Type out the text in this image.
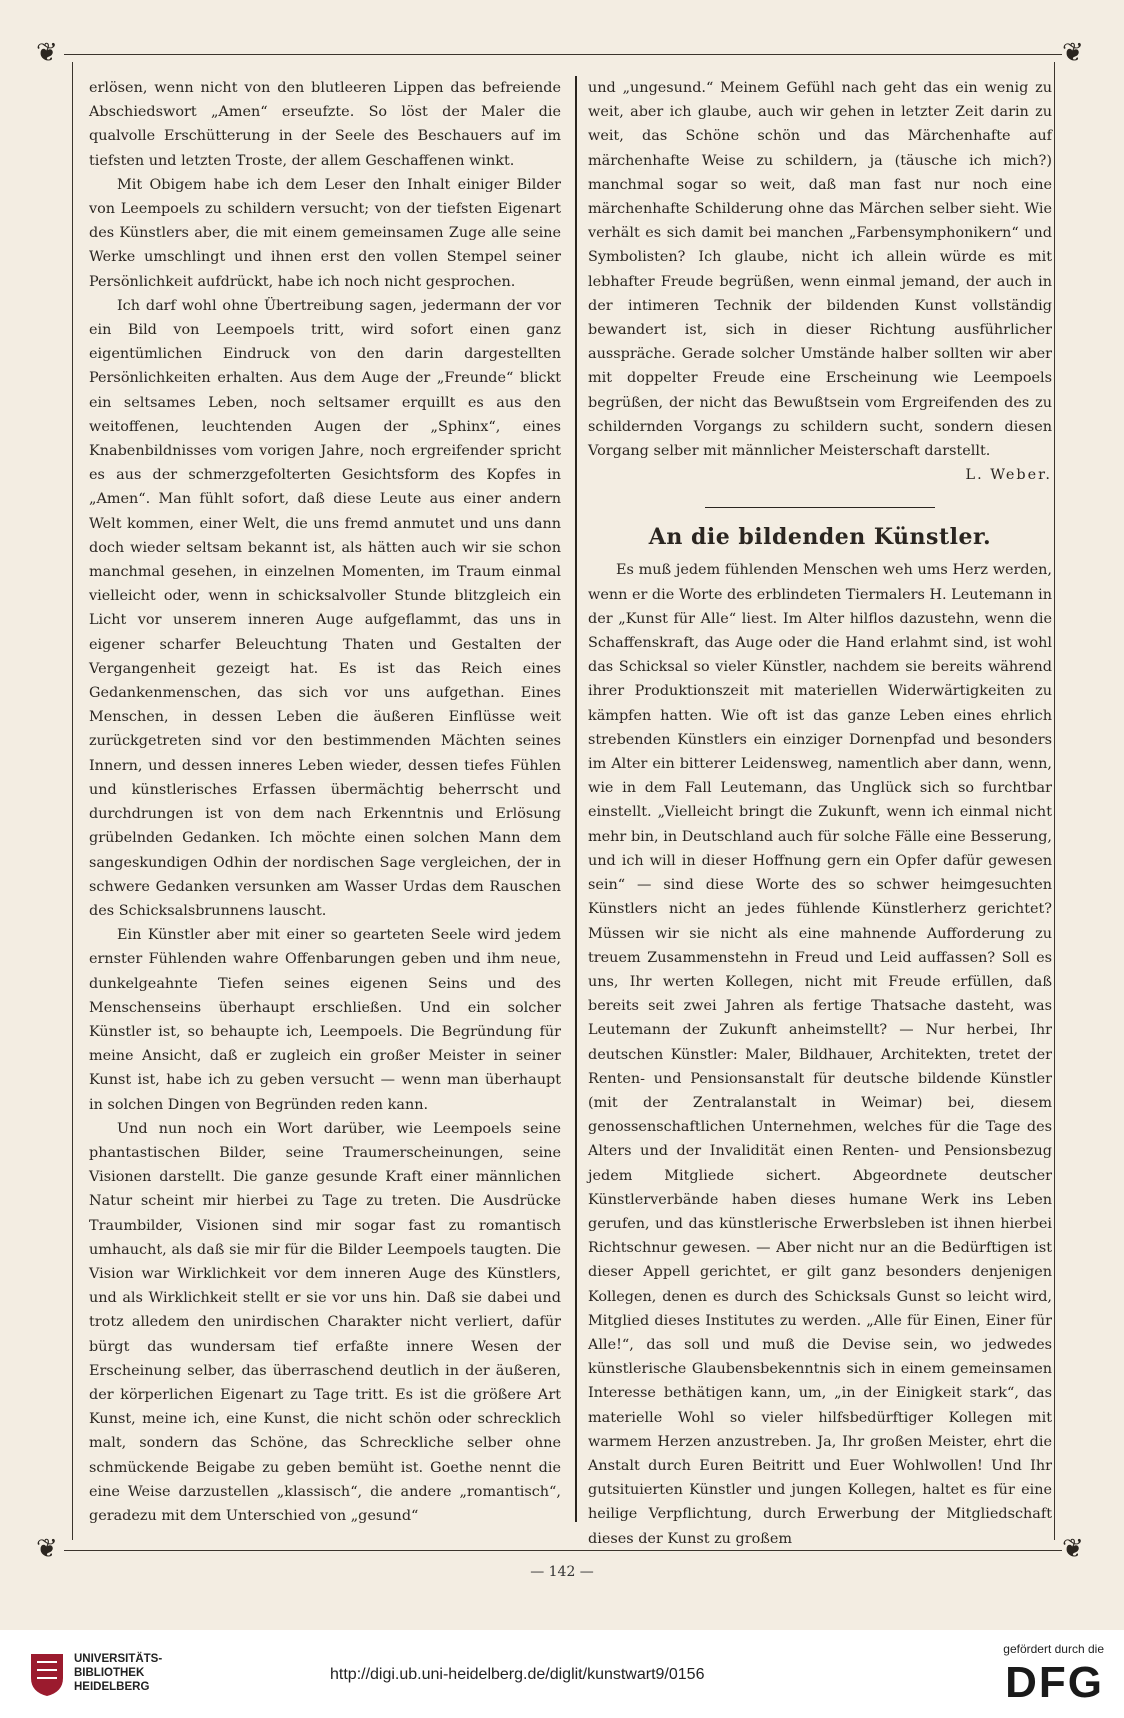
❦	❦
❦	❦

erlösen, wenn nicht von den blutleeren Lippen das befreiende Abschiedswort „Amen“ erseufzte. So löst der Maler die qualvolle Erschütterung in der Seele des Beschauers auf im tiefsten und letzten Troste, der allem Geschaffenen winkt.

Mit Obigem habe ich dem Leser den Inhalt einiger Bilder von Leempoels zu schildern versucht; von der tiefsten Eigenart des Künstlers aber, die mit einem gemeinsamen Zuge alle seine Werke umschlingt und ihnen erst den vollen Stempel seiner Persönlichkeit aufdrückt, habe ich noch nicht gesprochen.

Ich darf wohl ohne Übertreibung sagen, jedermann der vor ein Bild von Leempoels tritt, wird sofort einen ganz eigentümlichen Eindruck von den darin dargestellten Persönlichkeiten erhalten. Aus dem Auge der „Freunde“ blickt ein seltsames Leben, noch seltsamer erquillt es aus den weitoffenen, leuchtenden Augen der „Sphinx“, eines Knabenbildnisses vom vorigen Jahre, noch ergreifender spricht es aus der schmerzgefolterten Gesichtsform des Kopfes in „Amen“. Man fühlt sofort, daß diese Leute aus einer andern Welt kommen, einer Welt, die uns fremd anmutet und uns dann doch wieder seltsam bekannt ist, als hätten auch wir sie schon manchmal gesehen, in einzelnen Momenten, im Traum einmal vielleicht oder, wenn in schicksalvoller Stunde blitzgleich ein Licht vor unserem inneren Auge aufgeflammt, das uns in eigener scharfer Beleuchtung Thaten und Gestalten der Vergangenheit gezeigt hat. Es ist das Reich eines Gedankenmenschen, das sich vor uns aufgethan. Eines Menschen, in dessen Leben die äußeren Einflüsse weit zurückgetreten sind vor den bestimmenden Mächten seines Innern, und dessen inneres Leben wieder, dessen tiefes Fühlen und künstlerisches Erfassen übermächtig beherrscht und durchdrungen ist von dem nach Erkenntnis und Erlösung grübelnden Gedanken. Ich möchte einen solchen Mann dem sangeskundigen Odhin der nordischen Sage vergleichen, der in schwere Gedanken versunken am Wasser Urdas dem Rauschen des Schicksalsbrunnens lauscht.

Ein Künstler aber mit einer so gearteten Seele wird jedem ernster Fühlenden wahre Offenbarungen geben und ihm neue, dunkelgeahnte Tiefen seines eigenen Seins und des Menschenseins überhaupt erschließen. Und ein solcher Künstler ist, so behaupte ich, Leempoels. Die Begründung für meine Ansicht, daß er zugleich ein großer Meister in seiner Kunst ist, habe ich zu geben versucht — wenn man überhaupt in solchen Dingen von Begründen reden kann.

Und nun noch ein Wort darüber, wie Leempoels seine phantastischen Bilder, seine Traumerscheinungen, seine Visionen darstellt. Die ganze gesunde Kraft einer männlichen Natur scheint mir hierbei zu Tage zu treten. Die Ausdrücke Traumbilder, Visionen sind mir sogar fast zu romantisch umhaucht, als daß sie mir für die Bilder Leempoels taugten. Die Vision war Wirklichkeit vor dem inneren Auge des Künstlers, und als Wirklichkeit stellt er sie vor uns hin. Daß sie dabei und trotz alledem den unirdischen Charakter nicht verliert, dafür bürgt das wundersam tief erfaßte innere Wesen der Erscheinung selber, das überraschend deutlich in der äußeren, der körperlichen Eigenart zu Tage tritt. Es ist die größere Art Kunst, meine ich, eine Kunst, die nicht schön oder schrecklich malt, sondern das Schöne, das Schreckliche selber ohne schmückende Beigabe zu geben bemüht ist. Goethe nennt die eine Weise darzustellen „klassisch“, die andere „romantisch“, geradezu mit dem Unterschied von „gesund“

und „ungesund.“ Meinem Gefühl nach geht das ein wenig zu weit, aber ich glaube, auch wir gehen in letzter Zeit darin zu weit, das Schöne schön und das Märchenhafte auf märchenhafte Weise zu schildern, ja (täusche ich mich?) manchmal sogar so weit, daß man fast nur noch eine märchenhafte Schilderung ohne das Märchen selber sieht. Wie verhält es sich damit bei manchen „Farbensymphonikern“ und Symbolisten? Ich glaube, nicht ich allein würde es mit lebhafter Freude begrüßen, wenn einmal jemand, der auch in der intimeren Technik der bildenden Kunst vollständig bewandert ist, sich in dieser Richtung ausführlicher ausspräche. Gerade solcher Umstände halber sollten wir aber mit doppelter Freude eine Erscheinung wie Leempoels begrüßen, der nicht das Bewußtsein vom Ergreifenden des zu schildernden Vorgangs zu schildern sucht, sondern diesen Vorgang selber mit männlicher Meisterschaft darstellt.

L. Weber.
An die bildenden Künstler.

Es muß jedem fühlenden Menschen weh ums Herz werden, wenn er die Worte des erblindeten Tiermalers H. Leutemann in der „Kunst für Alle“ liest. Im Alter hilflos dazustehn, wenn die Schaffenskraft, das Auge oder die Hand erlahmt sind, ist wohl das Schicksal so vieler Künstler, nachdem sie bereits während ihrer Produktionszeit mit materiellen Widerwärtigkeiten zu kämpfen hatten. Wie oft ist das ganze Leben eines ehrlich strebenden Künstlers ein einziger Dornenpfad und besonders im Alter ein bitterer Leidensweg, namentlich aber dann, wenn, wie in dem Fall Leutemann, das Unglück sich so furchtbar einstellt. „Vielleicht bringt die Zukunft, wenn ich einmal nicht mehr bin, in Deutschland auch für solche Fälle eine Besserung, und ich will in dieser Hoffnung gern ein Opfer dafür gewesen sein“ — sind diese Worte des so schwer heimgesuchten Künstlers nicht an jedes fühlende Künstlerherz gerichtet? Müssen wir sie nicht als eine mahnende Aufforderung zu treuem Zusammenstehn in Freud und Leid auffassen? Soll es uns, Ihr werten Kollegen, nicht mit Freude erfüllen, daß bereits seit zwei Jahren als fertige Thatsache dasteht, was Leutemann der Zukunft anheimstellt? — Nur herbei, Ihr deutschen Künstler: Maler, Bildhauer, Architekten, tretet der Renten- und Pensionsanstalt für deutsche bildende Künstler (mit der Zentralanstalt in Weimar) bei, diesem genossenschaftlichen Unternehmen, welches für die Tage des Alters und der Invalidität einen Renten- und Pensionsbezug jedem Mitgliede sichert. Abgeordnete deutscher Künstlerverbände haben dieses humane Werk ins Leben gerufen, und das künstlerische Erwerbsleben ist ihnen hierbei Richtschnur gewesen. — Aber nicht nur an die Bedürftigen ist dieser Appell gerichtet, er gilt ganz besonders denjenigen Kollegen, denen es durch des Schicksals Gunst so leicht wird, Mitglied dieses Institutes zu werden. „Alle für Einen, Einer für Alle!“, das soll und muß die Devise sein, wo jedwedes künstlerische Glaubensbekenntnis sich in einem gemeinsamen Interesse bethätigen kann, um, „in der Einigkeit stark“, das materielle Wohl so vieler hilfsbedürftiger Kollegen mit warmem Herzen anzustreben. Ja, Ihr großen Meister, ehrt die Anstalt durch Euren Beitritt und Euer Wohlwollen! Und Ihr gutsituierten Künstler und jungen Kollegen, haltet es für eine heilige Verpflichtung, durch Erwerbung der Mitgliedschaft dieses der Kunst zu großem

— 142 —
UNIVERSITÄTS-
BIBLIOTHEK
HEIDELBERG
http://digi.ub.uni-heidelberg.de/diglit/kunstwart9/0156
gefördert durch die
DFG
